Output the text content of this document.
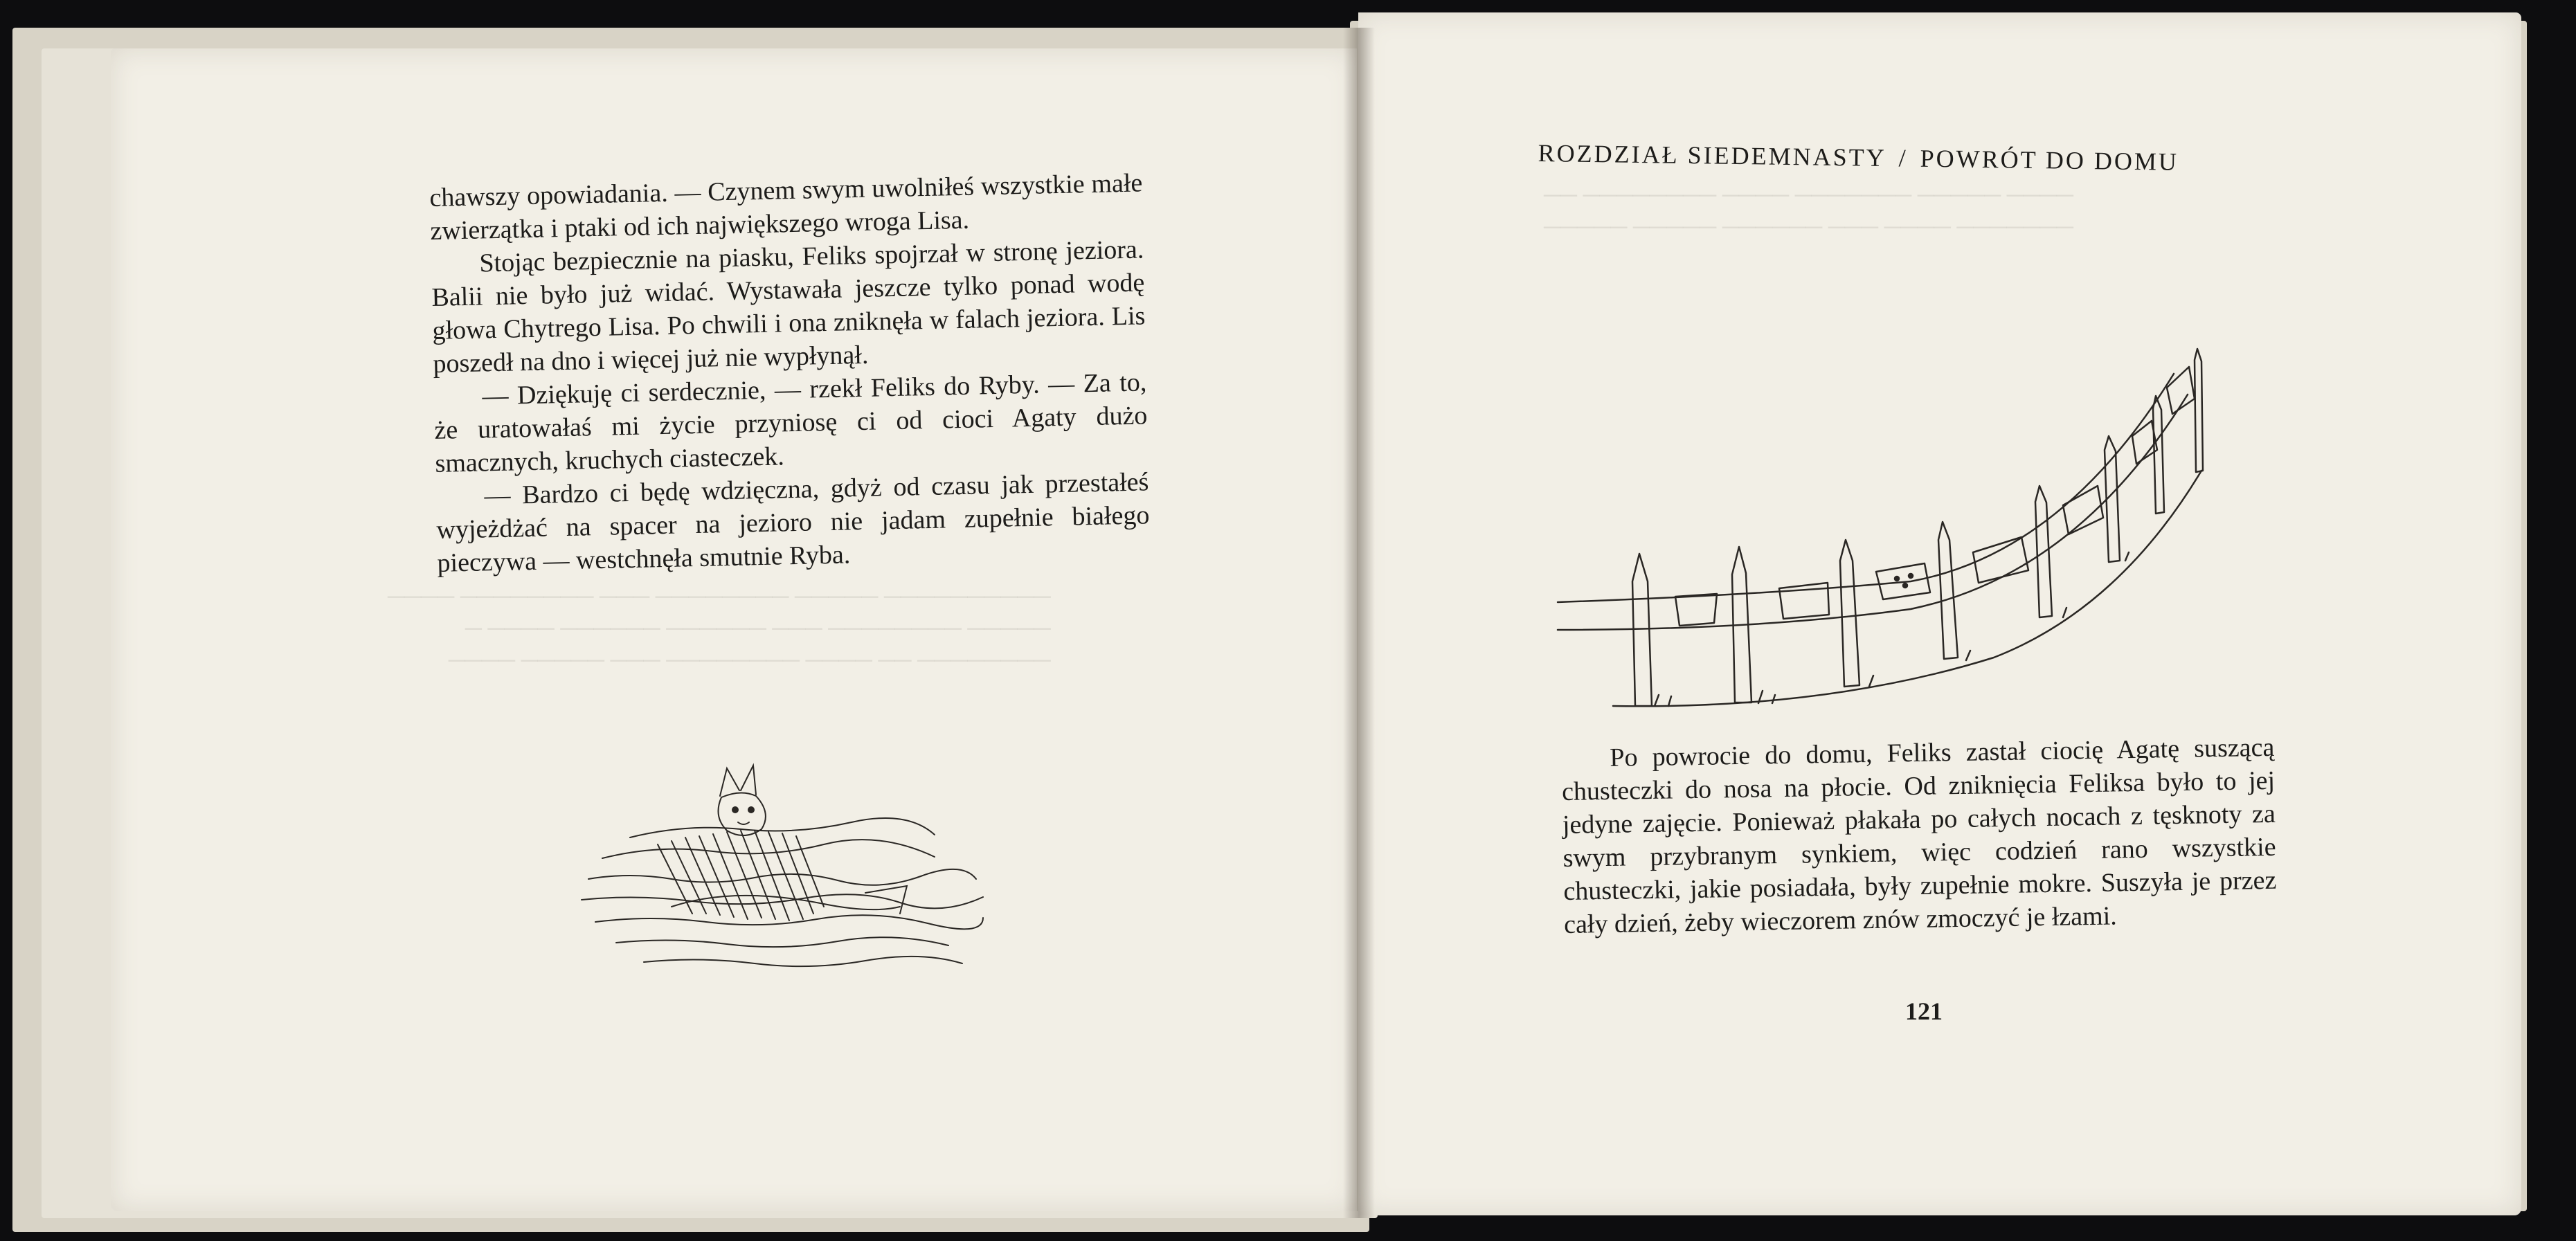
────────── ───── ──────── ─── ──────── ────
───── ──────── ─── ────── ────── ──── ─
──────── ── ──── ──────── ─── ───── ────
──── ───── ─────── ──── ──────── ──
─────── ──── ─── ────── ───── ─────

chawszy opowiadania. — Czynem swym uwolniłeś wszystkie małe zwierzątka i ptaki od ich największego wroga Lisa.

Stojąc bezpiecznie na piasku, Feliks spojrzał w stronę jeziora. Balii nie było już widać. Wystawała jeszcze tylko ponad wodę głowa Chytrego Lisa. Po chwili i ona zniknęła w falach jeziora. Lis poszedł na dno i więcej już nie wypłynął.

— Dziękuję ci serdecznie, — rzekł Feliks do Ryby. — Za to, że uratowałaś mi życie przyniosę ci od cioci Agaty dużo smacznych, kruchych ciasteczek.

— Bardzo ci będę wdzięczna, gdyż od czasu jak przestałeś wyjeżdżać na spacer na jezioro nie jadam zupełnie białego pieczywa — westchnęła smutnie Ryba.

ROZDZIAŁ SIEDEMNASTY / POWRÓT DO DOMU

Po powrocie do domu, Feliks zastał ciocię Agatę suszącą chusteczki do nosa na płocie. Od zniknięcia Feliksa było to jej jedyne zajęcie. Ponieważ płakała po całych nocach z tęsknoty za swym przybranym synkiem, więc codzień rano wszystkie chusteczki, jakie posiadała, były zupełnie mokre. Suszyła je przez cały dzień, żeby wieczorem znów zmoczyć je łzami.

121
